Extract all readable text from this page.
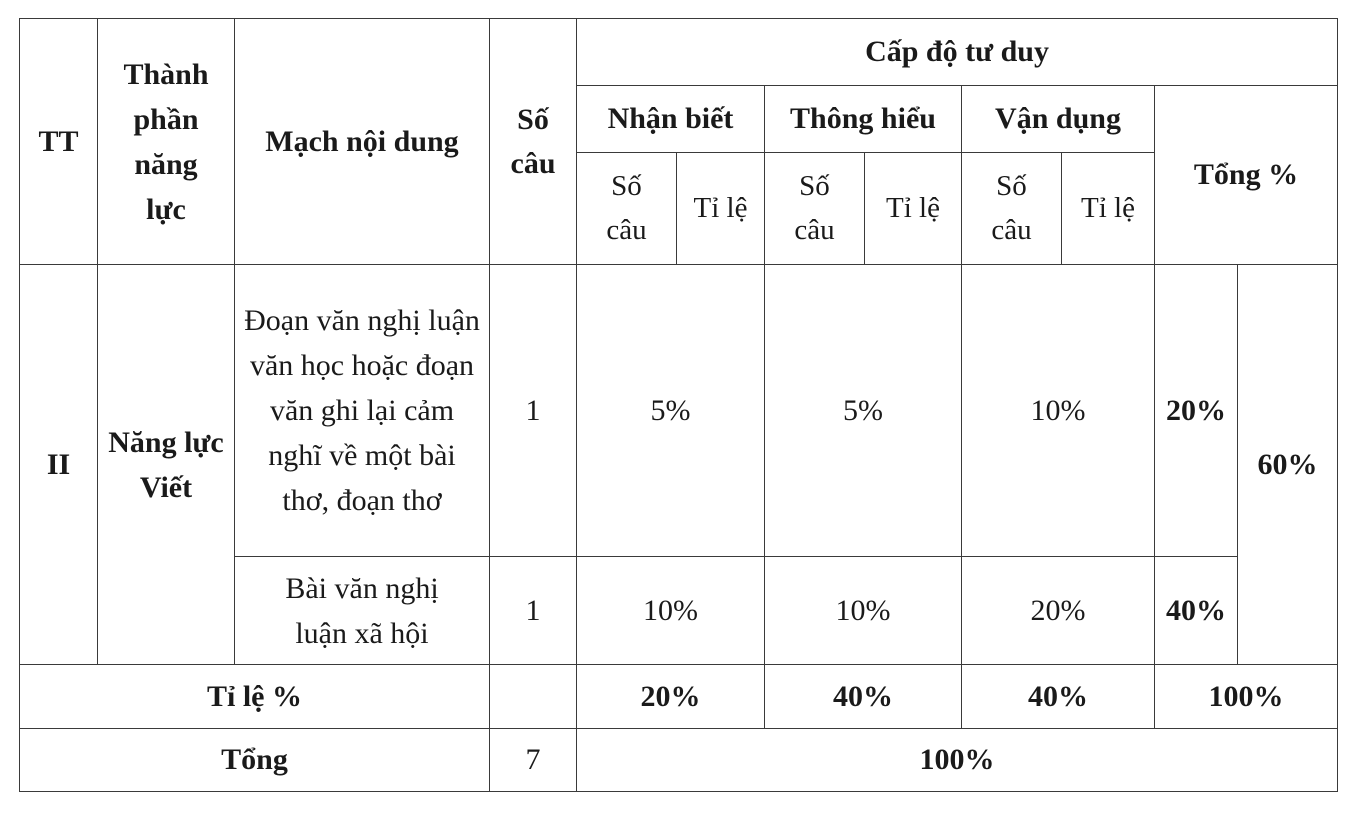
TT	Thành phần năng lực	Mạch nội dung	Số câu	Cấp độ tư duy							
				Nhận biết		Thông hiểu		Vận dụng		Tổng %	
				Số câu	Tỉ lệ	Số câu	Tỉ lệ	Số câu	Tỉ lệ		
II	Năng lực Viết	Đoạn văn nghị luận văn học hoặc đoạn văn ghi lại cảm nghĩ về một bài thơ, đoạn thơ	1	5%		5%		10%		20%	60%
		Bài văn nghị luận xã hội	1	10%		10%		20%		40%	
Tỉ lệ %				20%		40%		40%		100%	
Tổng			7	100%							
